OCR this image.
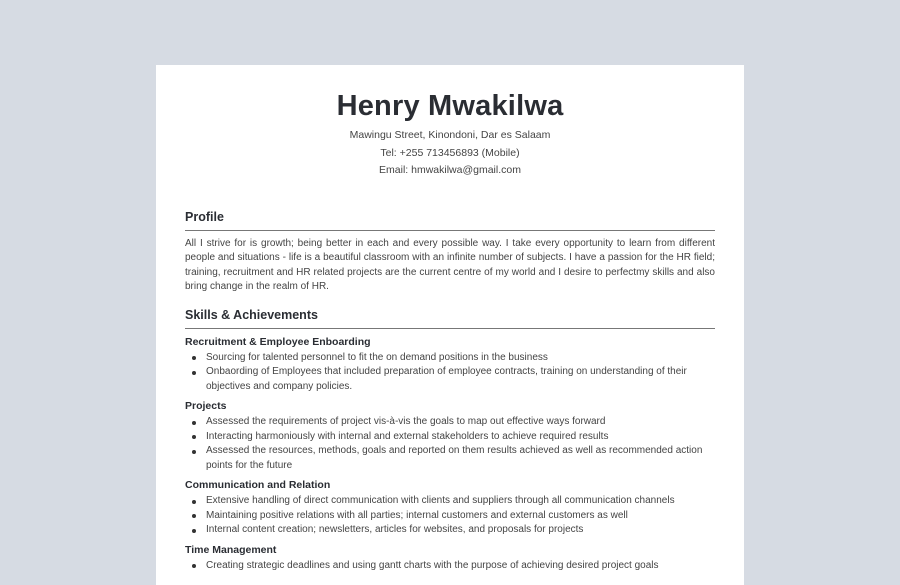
Henry Mwakilwa
Mawingu Street, Kinondoni, Dar es Salaam
Tel: +255 713456893 (Mobile)
Email: hmwakilwa@gmail.com
Profile
All I strive for is growth; being better in each and every possible way. I take every opportunity to learn from different people and situations - life is a beautiful classroom with an infinite number of subjects. I have a passion for the HR field; training, recruitment and HR related projects are the current centre of my world and I desire to perfectmy skills and also bring change in the realm of HR.
Skills & Achievements
Recruitment & Employee Enboarding
Sourcing for talented personnel to fit the on demand positions in the business
Onbaording of Employees that included preparation of employee contracts, training on understanding of their objectives and company policies.
Projects
Assessed the requirements of project vis-à-vis the goals to map out effective ways forward
Interacting harmoniously with internal and external stakeholders to achieve required results
Assessed the resources, methods, goals and reported on them results achieved as well as recommended action points for the future
Communication and Relation
Extensive handling of direct communication with clients and suppliers through all communication channels
Maintaining positive relations with all parties; internal customers and external customers as well
Internal content creation; newsletters, articles for websites, and proposals for projects
Time Management
Creating strategic deadlines and using gantt charts with the purpose of achieving desired project goals
